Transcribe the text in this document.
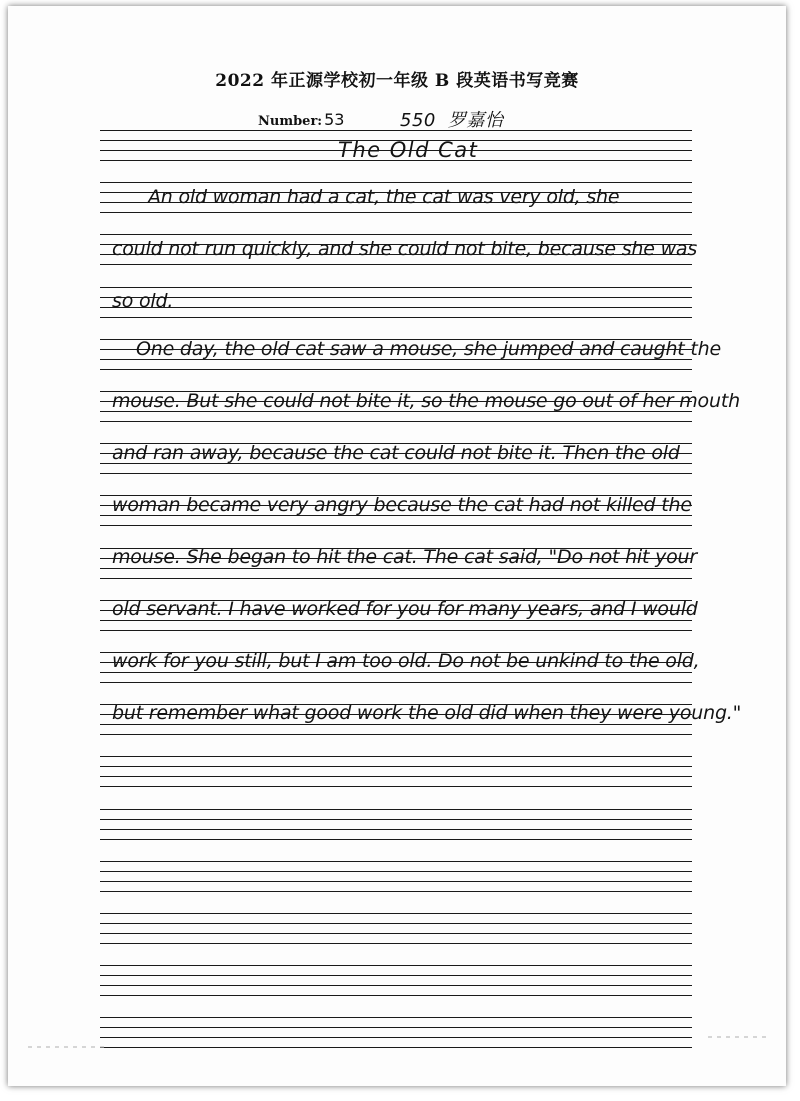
2022 年正源学校初一年级 B 段英语书写竞赛
Number: 53	550 罗嘉怡
The Old Cat
An old woman had a cat, the cat was very old, she
could not run quickly, and she could not bite, because she was
so old.
One day, the old cat saw a mouse, she jumped and caught the
mouse. But she could not bite it, so the mouse go out of her mouth
and ran away, because the cat could not bite it. Then the old
woman became very angry because the cat had not killed the
mouse. She began to hit the cat. The cat said, "Do not hit your
old servant. I have worked for you for many years, and I would
work for you still, but I am too old. Do not be unkind to the old,
but remember what good work the old did when they were young."
